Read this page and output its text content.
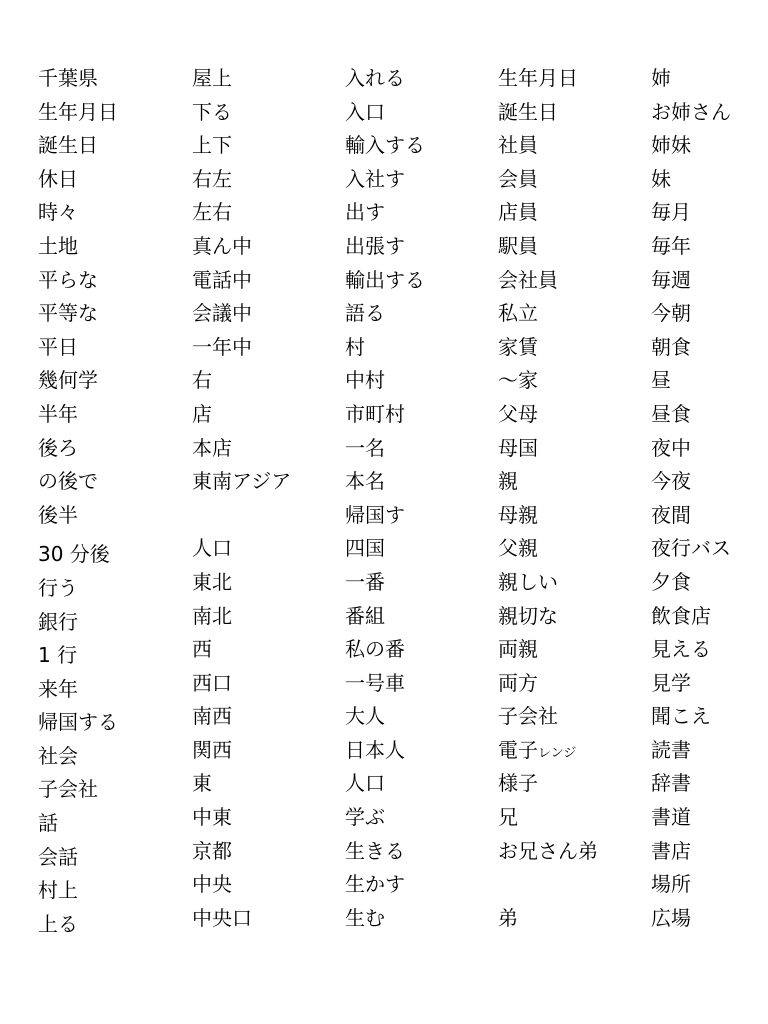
千葉県
生年月日
誕生日
休日
時々
土地
平らな
平等な
平日
幾何学
半年
後ろ
の後で
後半
30 分後
行う
銀行
1 行
来年
帰国する
社会
子会社
話
会話
村上
上る
屋上
下る
上下
右左
左右
真ん中
電話中
会議中
一年中
右
店
本店
東南アジア
人口
東北
南北
西
西口
南西
関西
東
中東
京都
中央
中央口
入れる
入口
輸入する
入社す
出す
出張す
輸出する
語る
村
中村
市町村
一名
本名
帰国す
四国
一番
番組
私の番
一号車
大人
日本人
人口
学ぶ
生きる
生かす
生む
生年月日
誕生日
社員
会員
店員
駅員
会社員
私立
家賃
〜家
父母
母国
親
母親
父親
親しい
親切な
両親
両方
子会社
電子レンジ
様子
兄
お兄さん弟
弟
姉
お姉さん
姉妹
妹
毎月
毎年
毎週
今朝
朝食
昼
昼食
夜中
今夜
夜間
夜行バス
夕食
飲食店
見える
見学
聞こえ
読書
辞書
書道
書店
場所
広場
